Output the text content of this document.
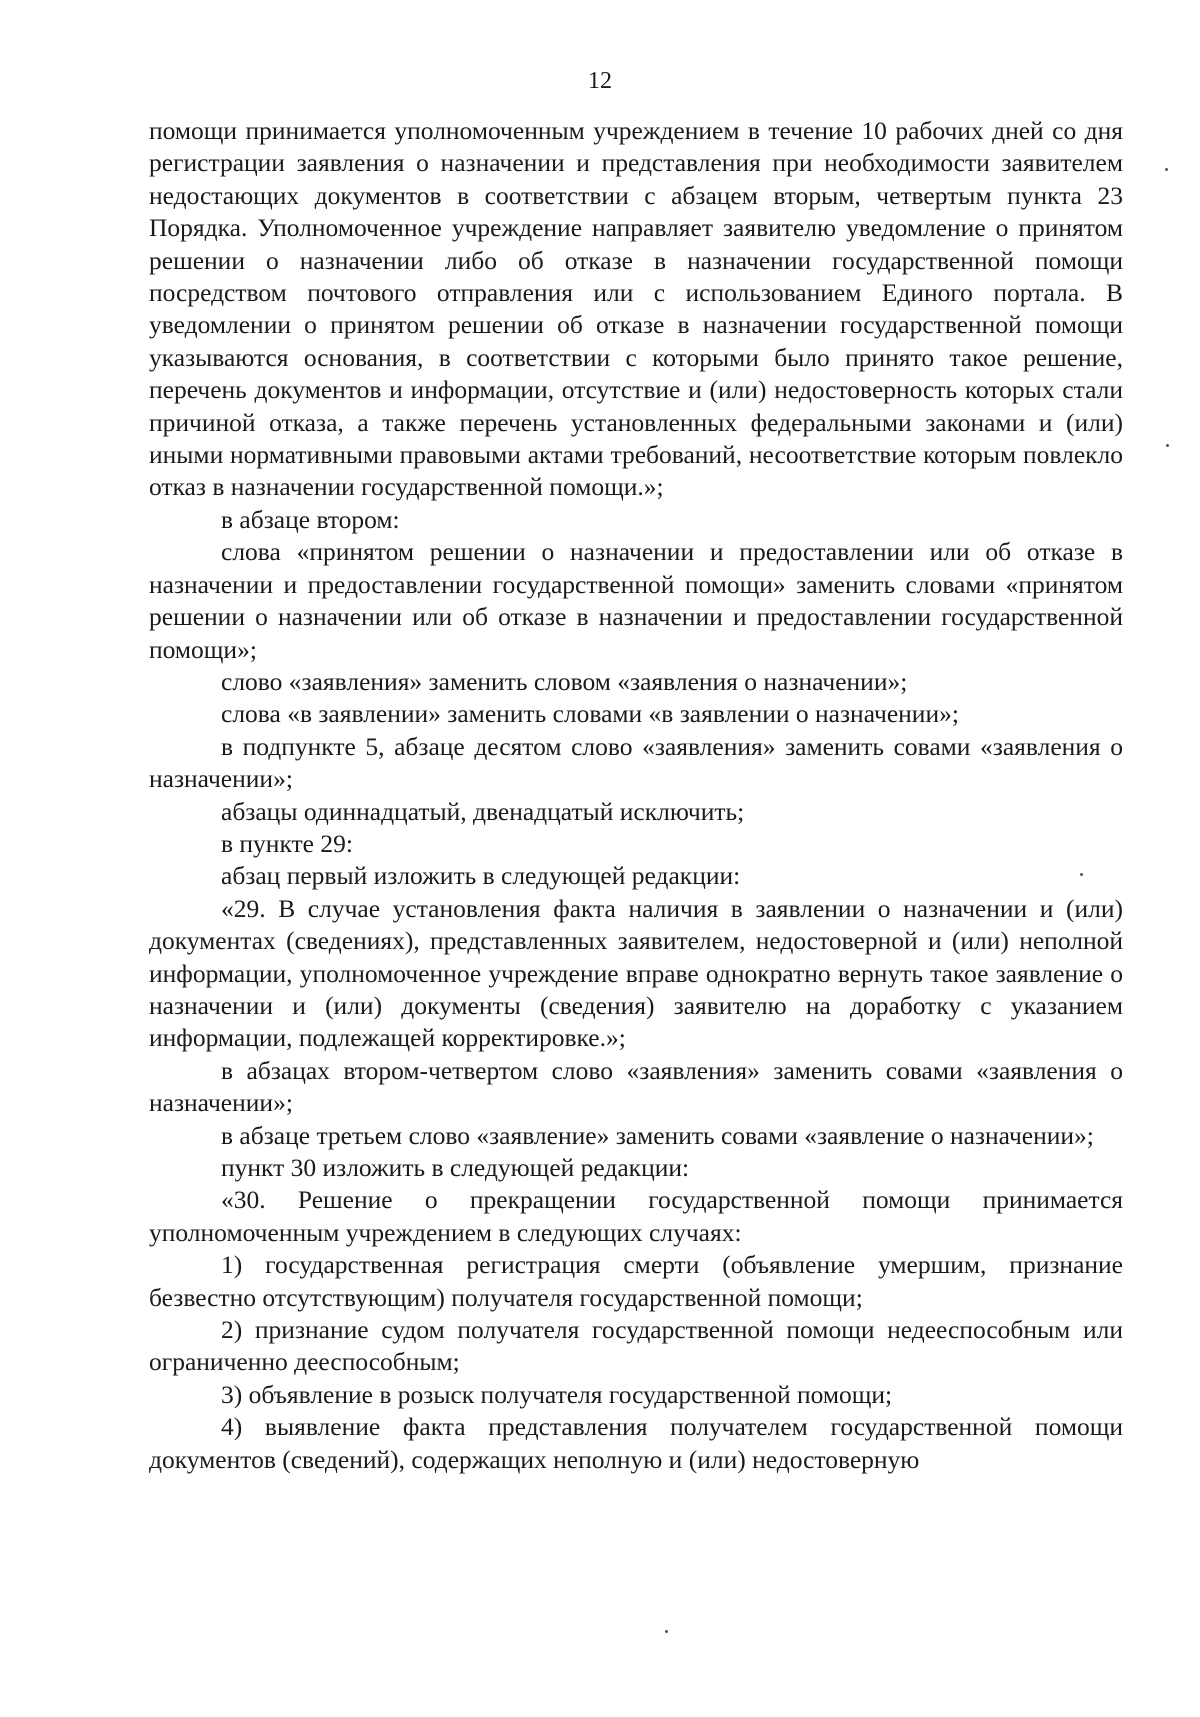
12

помощи принимается уполномоченным учреждением в течение 10 рабочих дней со дня регистрации заявления о назначении и представления при необходимости заявителем недостающих документов в соответствии с абзацем вторым, четвертым пункта 23 Порядка. Уполномоченное учреждение направляет заявителю уведомление о принятом решении о назначении либо об отказе в назначении государственной помощи посредством почтового отправления или с использованием Единого портала. В уведомлении о принятом решении об отказе в назначении государственной помощи указываются основания, в соответствии с которыми было принято такое решение, перечень документов и информации, отсутствие и (или) недостоверность которых стали причиной отказа, а также перечень установленных федеральными законами и (или) иными нормативными правовыми актами требований, несоответствие которым повлекло отказ в назначении государственной помощи.»;

в абзаце втором:

слова «принятом решении о назначении и предоставлении или об отказе в назначении и предоставлении государственной помощи» заменить словами «принятом решении о назначении или об отказе в назначении и предоставлении государственной помощи»;

слово «заявления» заменить словом «заявления о назначении»;

слова «в заявлении» заменить словами «в заявлении о назначении»;

в подпункте 5, абзаце десятом слово «заявления» заменить совами «заявления о назначении»;

абзацы одиннадцатый, двенадцатый исключить;

в пункте 29:

абзац первый изложить в следующей редакции:

«29. В случае установления факта наличия в заявлении о назначении и (или) документах (сведениях), представленных заявителем, недостоверной и (или) неполной информации, уполномоченное учреждение вправе однократно вернуть такое заявление о назначении и (или) документы (сведения) заявителю на доработку с указанием информации, подлежащей корректировке.»;

в абзацах втором-четвертом слово «заявления» заменить совами «заявления о назначении»;

в абзаце третьем слово «заявление» заменить совами «заявление о назначении»;

пункт 30 изложить в следующей редакции:

«30. Решение о прекращении государственной помощи принимается уполномоченным учреждением в следующих случаях:

1) государственная регистрация смерти (объявление умершим, признание безвестно отсутствующим) получателя государственной помощи;

2) признание судом получателя государственной помощи недееспособным или ограниченно дееспособным;

3) объявление в розыск получателя государственной помощи;

4) выявление факта представления получателем государственной помощи документов (сведений), содержащих неполную и (или) недостоверную
